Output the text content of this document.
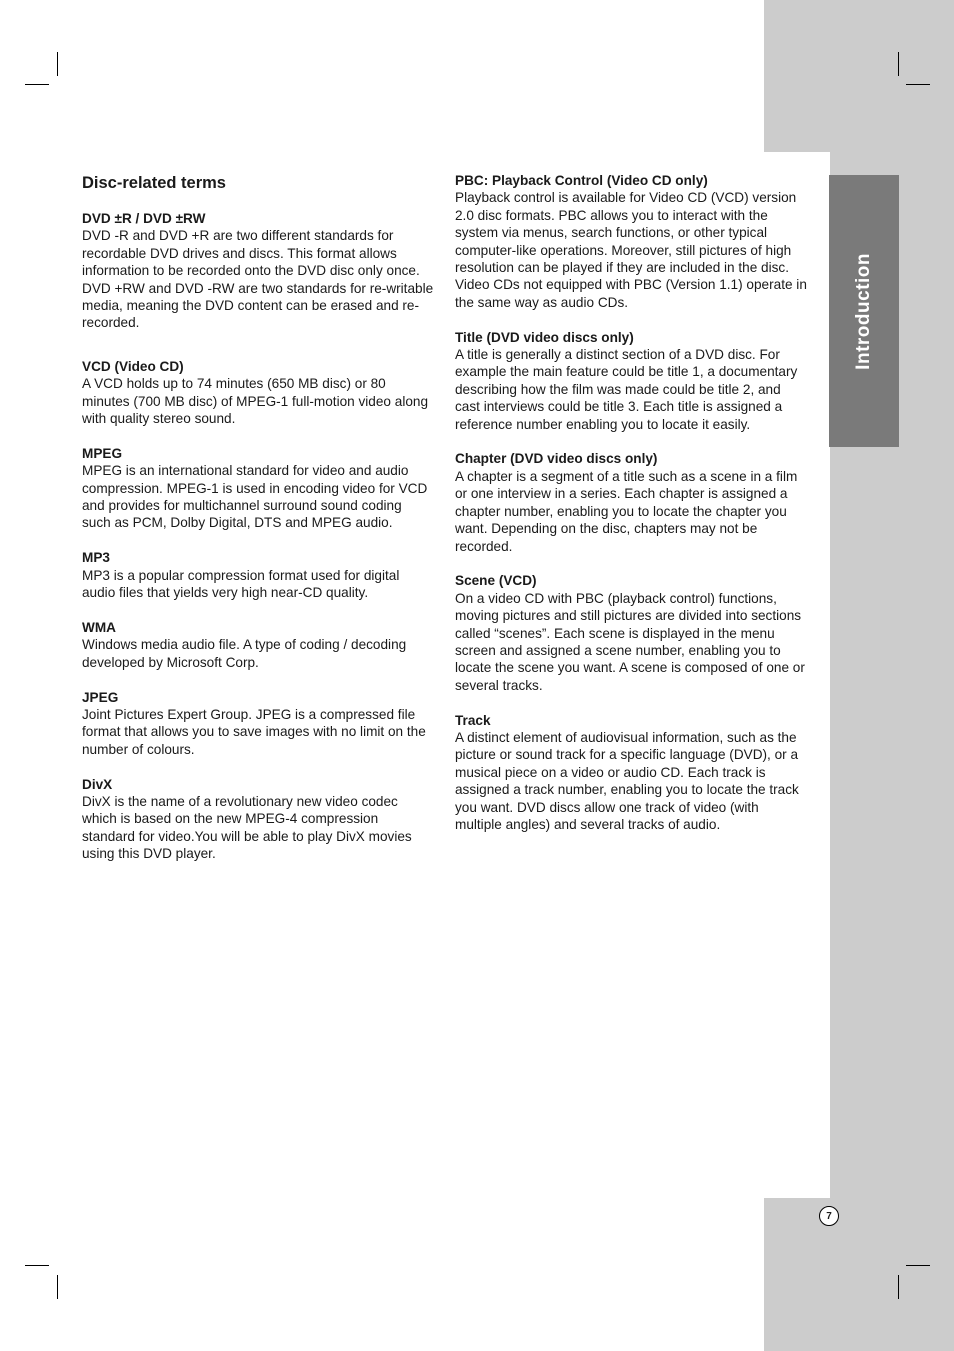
Introduction
Disc-related terms
DVD ±R / DVD ±RW
DVD -R and DVD +R are two different standards for recordable DVD drives and discs. This format allows information to be recorded onto the DVD disc only once. DVD +RW and DVD -RW are two standards for re-writable media, meaning the DVD content can be erased and re-recorded.
VCD (Video CD)
A VCD holds up to 74 minutes (650 MB disc) or 80 minutes (700 MB disc) of MPEG-1 full-motion video along with quality stereo sound.
MPEG
MPEG is an international standard for video and audio compression. MPEG-1 is used in encoding video for VCD and provides for multichannel surround sound coding such as PCM, Dolby Digital, DTS and MPEG audio.
MP3
MP3 is a popular compression format used for digital audio files that yields very high near-CD quality.
WMA
Windows media audio file. A type of coding / decoding developed by Microsoft Corp.
JPEG
Joint Pictures Expert Group. JPEG is a compressed file format that allows you to save images with no limit on the number of colours.
DivX
DivX is the name of a revolutionary new video codec which is based on the new MPEG-4 compression standard for video.You will be able to play DivX movies using this DVD player.
PBC: Playback Control (Video CD only)
Playback control is available for Video CD (VCD) version 2.0 disc formats. PBC allows you to interact with the system via menus, search functions, or other typical computer-like operations. Moreover, still pictures of high resolution can be played if they are included in the disc. Video CDs not equipped with PBC (Version 1.1) operate in the same way as audio CDs.
Title (DVD video discs only)
A title is generally a distinct section of a DVD disc. For example the main feature could be title 1, a documentary describing how the film was made could be title 2, and cast interviews could be title 3. Each title is assigned a reference number enabling you to locate it easily.
Chapter (DVD video discs only)
A chapter is a segment of a title such as a scene in a film or one interview in a series. Each chapter is assigned a chapter number, enabling you to locate the chapter you want. Depending on the disc, chapters may not be recorded.
Scene (VCD)
On a video CD with PBC (playback control) functions, moving pictures and still pictures are divided into sections called “scenes”. Each scene is displayed in the menu screen and assigned a scene number, enabling you to locate the scene you want. A scene is composed of one or several tracks.
Track
A distinct element of audiovisual information, such as the picture or sound track for a specific language (DVD), or a musical piece on a video or audio CD. Each track is assigned a track number, enabling you to locate the track you want. DVD discs allow one track of video (with multiple angles) and several tracks of audio.
7
